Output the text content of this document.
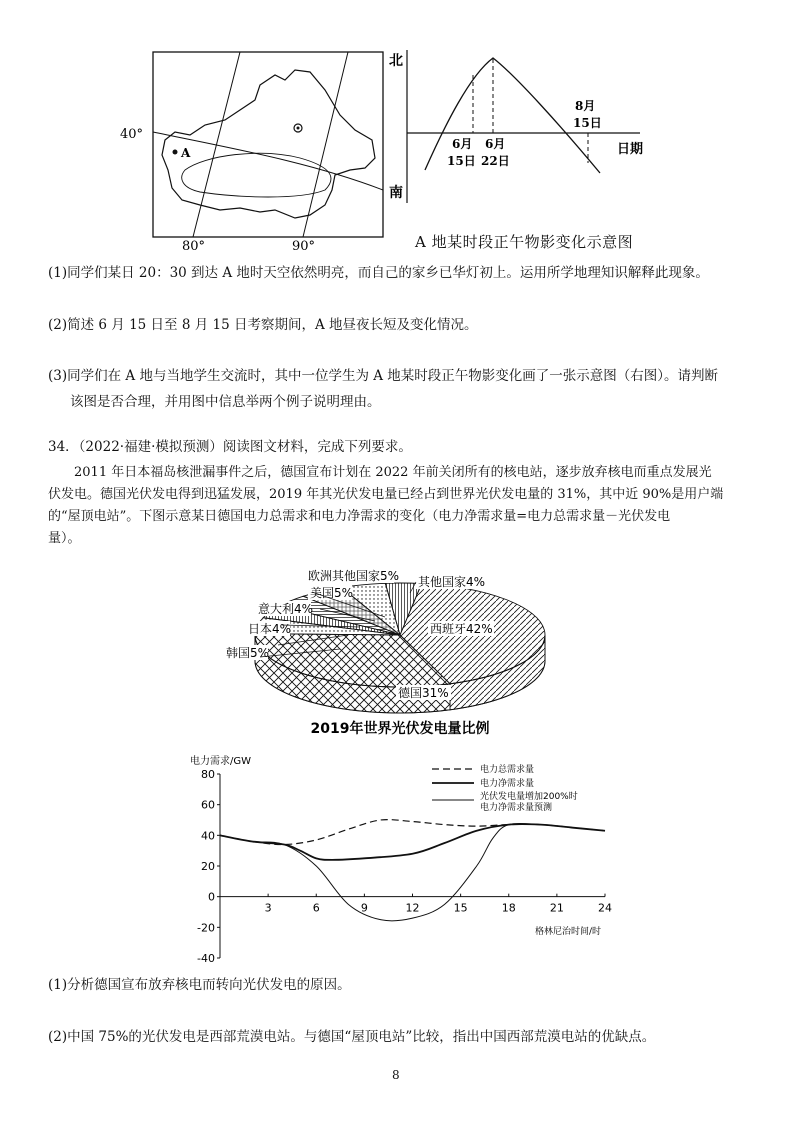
A
40°
80°	90°
北
南
6月
15日
6月
22日
8月
15日
日期
A 地某时段正午物影变化示意图
(1)同学们某日 20：30 到达 A 地时天空依然明亮，而自己的家乡已华灯初上。运用所学地理知识解释此现象。
(2)简述 6 月 15 日至 8 月 15 日考察期间，A 地昼夜长短及变化情况。
(3)同学们在 A 地与当地学生交流时，其中一位学生为 A 地某时段正午物影变化画了一张示意图（右图）。请判断
该图是否合理，并用图中信息举两个例子说明理由。
34．（2022·福建·模拟预测）阅读图文材料，完成下列要求。
2011 年日本福岛核泄漏事件之后，德国宣布计划在 2022 年前关闭所有的核电站，逐步放弃核电而重点发展光
伏发电。德国光伏发电得到迅猛发展，2019 年其光伏发电量已经占到世界光伏发电量的 31%，其中近 90%是用户端
的“屋顶电站”。下图示意某日德国电力总需求和电力净需求的变化（电力净需求量=电力总需求量－光伏发电
量）。
西班牙42%
德国31%
韩国5%
日本4%
意大利4%
美国5%
欧洲其他国家5% 其他国家4%
2019年世界光伏发电量比例
-40
-20
0
20
40
60
80
3	6	9	12	15	18	21	24
电力总需求量
电力净需求量
光伏发电量增加200%时
电力净需求量预测
电力需求/GW
格林尼治时间/时
(1)分析德国宣布放弃核电而转向光伏发电的原因。
(2)中国 75%的光伏发电是西部荒漠电站。与德国“屋顶电站”比较，指出中国西部荒漠电站的优缺点。
8
